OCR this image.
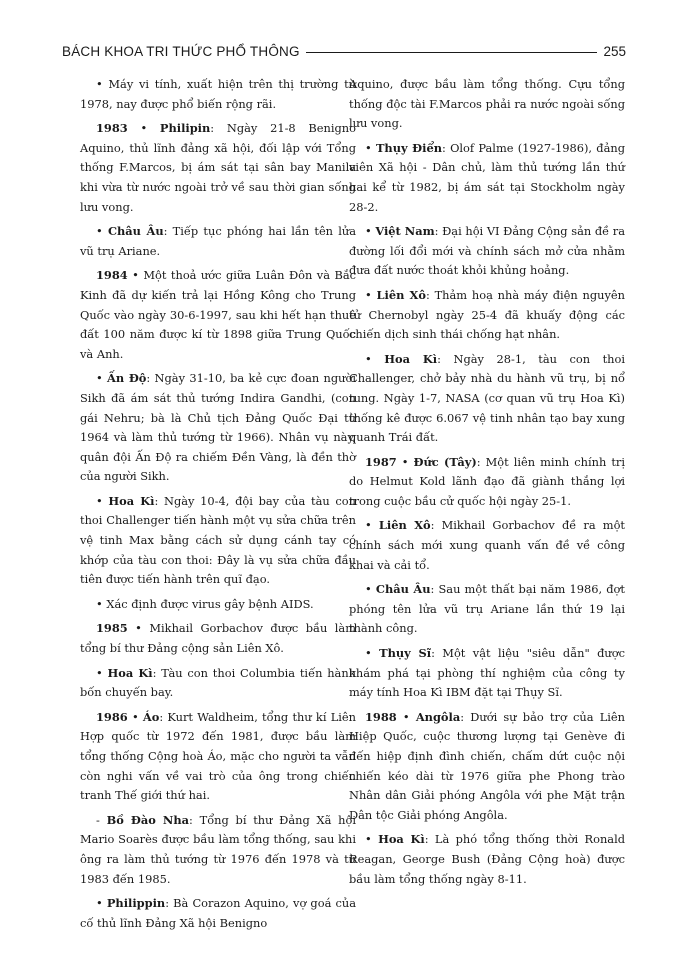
BÁCH KHOA TRI THỨC PHỔ THÔNG	255

• Máy vi tính, xuất hiện trên thị trường từ 1978, nay được phổ biến rộng rãi.

1983 • Philipin: Ngày 21-8 Benigno Aquino, thủ lĩnh đảng xã hội, đối lập với Tổng thống F.Marcos, bị ám sát tại sân bay Manila khi vừa từ nước ngoài trở về sau thời gian sống lưu vong.

• Châu Âu: Tiếp tục phóng hai lần tên lửa vũ trụ Ariane.

1984 • Một thoả ước giữa Luân Đôn và Bắc Kinh đã dự kiến trả lại Hồng Kông cho Trung Quốc vào ngày 30-6-1997, sau khi hết hạn thuê đất 100 năm được kí từ 1898 giữa Trung Quốc và Anh.

• Ấn Độ: Ngày 31-10, ba kẻ cực đoan người Sikh đã ám sát thủ tướng Indira Gandhi, (con gái Nehru; bà là Chủ tịch Đảng Quốc Đại từ 1964 và làm thủ tướng từ 1966). Nhân vụ này, quân đội Ấn Độ ra chiếm Đền Vàng, là đền thờ của người Sikh.

• Hoa Kì: Ngày 10-4, đội bay của tàu con thoi Challenger tiến hành một vụ sửa chữa trên vệ tinh Max bằng cách sử dụng cánh tay có khớp của tàu con thoi: Đây là vụ sửa chữa đầu tiên được tiến hành trên quĩ đạo.

• Xác định được virus gây bệnh AIDS.

1985 • Mikhail Gorbachov được bầu làm tổng bí thư Đảng cộng sản Liên Xô.

• Hoa Kì: Tàu con thoi Columbia tiến hành bốn chuyến bay.

1986 • Áo: Kurt Waldheim, tổng thư kí Liên Hợp quốc từ 1972 đến 1981, được bầu làm tổng thống Cộng hoà Áo, mặc cho người ta vẫn còn nghi vấn về vai trò của ông trong chiến tranh Thế giới thứ hai.

- Bồ Đào Nha: Tổng bí thư Đảng Xã hội Mario Soarès được bầu làm tổng thống, sau khi ông ra làm thủ tướng từ 1976 đến 1978 và từ 1983 đến 1985.

• Philippin: Bà Corazon Aquino, vợ goá của cố thủ lĩnh Đảng Xã hội Benigno

Aquino, được bầu làm tổng thống. Cựu tổng thống độc tài F.Marcos phải ra nước ngoài sống lưu vong.

• Thụy Điển: Olof Palme (1927-1986), đảng viên Xã hội - Dân chủ, làm thủ tướng lần thứ hai kể từ 1982, bị ám sát tại Stockholm ngày 28-2.

• Việt Nam: Đại hội VI Đảng Cộng sản đề ra đường lối đổi mới và chính sách mở cửa nhằm đưa đất nước thoát khỏi khủng hoảng.

• Liên Xô: Thảm hoạ nhà máy điện nguyên tử Chernobyl ngày 25-4 đã khuấy động các chiến dịch sinh thái chống hạt nhân.

• Hoa Kì: Ngày 28-1, tàu con thoi Challenger, chở bảy nhà du hành vũ trụ, bị nổ tung. Ngày 1-7, NASA (cơ quan vũ trụ Hoa Kì) thống kê được 6.067 vệ tinh nhân tạo bay xung quanh Trái đất.

1987 • Đức (Tây): Một liên minh chính trị do Helmut Kold lãnh đạo đã giành thắng lợi trong cuộc bầu cử quốc hội ngày 25-1.

• Liên Xô: Mikhail Gorbachov đề ra một chính sách mới xung quanh vấn đề về công khai và cải tổ.

• Châu Âu: Sau một thất bại năm 1986, đợt phóng tên lửa vũ trụ Ariane lần thứ 19 lại thành công.

• Thụy Sĩ: Một vật liệu "siêu dẫn" được khám phá tại phòng thí nghiệm của công ty máy tính Hoa Kì IBM đặt tại Thụy Sĩ.

1988 • Angôla: Dưới sự bảo trợ của Liên Hiệp Quốc, cuộc thương lượng tại Genève đi đến hiệp định đình chiến, chấm dứt cuộc nội chiến kéo dài từ 1976 giữa phe Phong trào Nhân dân Giải phóng Angôla với phe Mặt trận Dân tộc Giải phóng Angôla.

• Hoa Kì: Là phó tổng thống thời Ronald Reagan, George Bush (Đảng Cộng hoà) được bầu làm tổng thống ngày 8-11.
